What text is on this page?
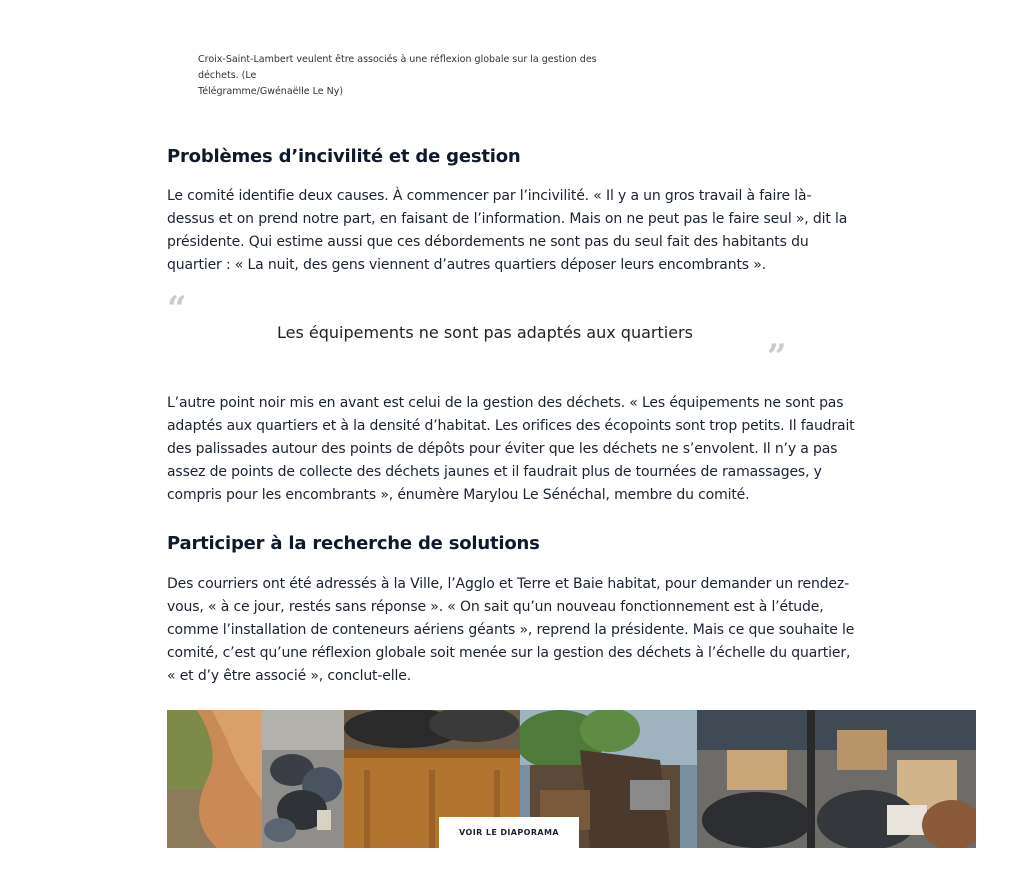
Croix-Saint-Lambert veulent être associés à une réflexion globale sur la gestion des déchets. (Le
Télégramme/Gwénaëlle Le Ny)
Problèmes d’incivilité et de gestion

Le comité identifie deux causes. À commencer par l’incivilité. « Il y a un gros travail à faire là-dessus et on prend notre part, en faisant de l’information. Mais on ne peut pas le faire seul », dit la présidente. Qui estime aussi que ces débordements ne sont pas du seul fait des habitants du quartier : « La nuit, des gens viennent d’autres quartiers déposer leurs encombrants ».

“
Les équipements ne sont pas adaptés aux quartiers
”

L’autre point noir mis en avant est celui de la gestion des déchets. « Les équipements ne sont pas adaptés aux quartiers et à la densité d’habitat. Les orifices des écopoints sont trop petits. Il faudrait des palissades autour des points de dépôts pour éviter que les déchets ne s’envolent. Il n’y a pas assez de points de collecte des déchets jaunes et il faudrait plus de tournées de ramassages, y compris pour les encombrants », énumère Marylou Le Sénéchal, membre du comité.

Participer à la recherche de solutions

Des courriers ont été adressés à la Ville, l’Agglo et Terre et Baie habitat, pour demander un rendez-vous, « à ce jour, restés sans réponse ». « On sait qu’un nouveau fonctionnement est à l’étude, comme l’installation de conteneurs aériens géants », reprend la présidente. Mais ce que souhaite le comité, c’est qu’une réflexion globale soit menée sur la gestion des déchets à l’échelle du quartier, « et d’y être associé », conclut-elle.

VOIR LE DIAPORAMA
